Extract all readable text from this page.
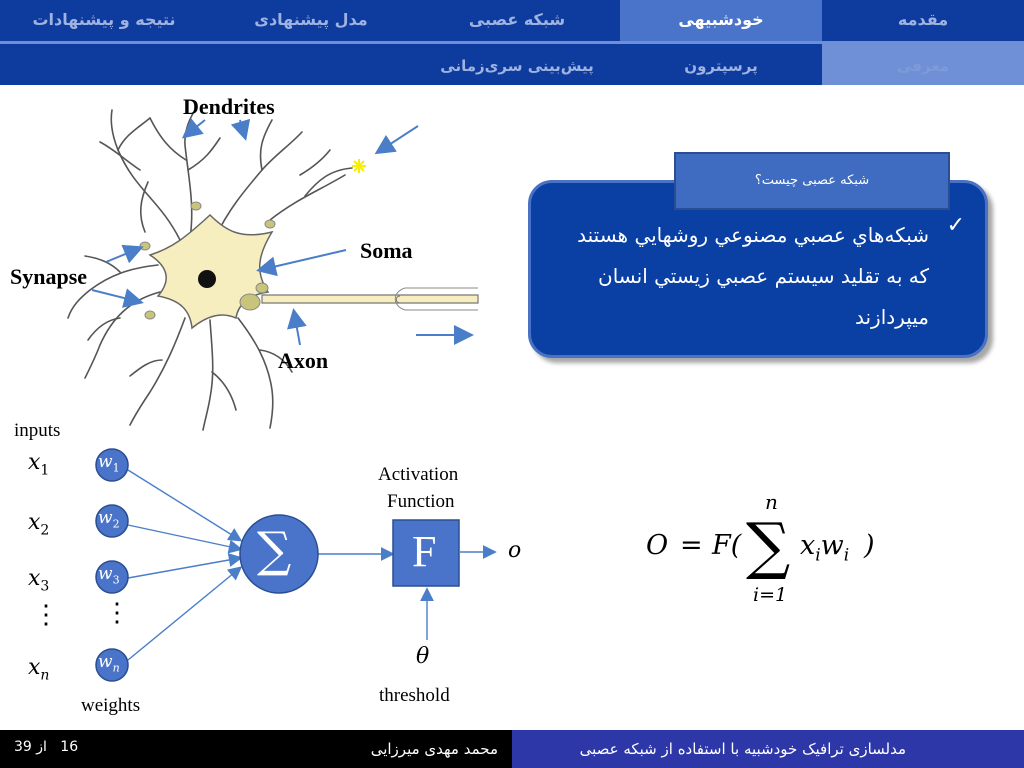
مقدمه
خودشبیهی
شبکه عصبی
مدل پیشنهادی
نتیجه و پیشنهادات
معرفی
پرسپترون
پیش‌بینی سری‌زمانی
Dendrites
Soma
Synapse
Axon
✓
شبكه‌هاي عصبي مصنوعي روشهايي هستند كه به تقليد سيستم عصبي زيستي انسان ميپردازند
شبکه عصبی چیست؟
inputs
weights
Activation
Function
threshold
∑	F	o
θ
$x_1$
$x_2$
$x_3$
$x_n$
⋮ ⋮
$w_1$
$w_2$
$w_3$
$w_n$
O = F(
n
∑
i=1
$x_iw_i$ )
16   از 39	محمد مهدی میرزایی	مدلسازی ترافیک خودشبیه با استفاده از شبکه عصبی
